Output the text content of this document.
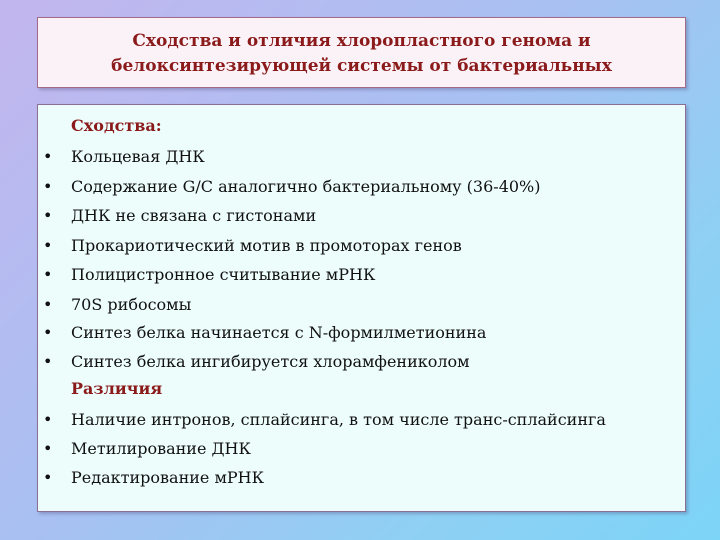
Сходства и отличия хлоропластного генома и белоксинтезирующей системы от бактериальных
Сходства:
• Кольцевая ДНК
• Содержание G/C аналогично бактериальному (36-40%)
• ДНК не связана с гистонами
• Прокариотический мотив в промоторах генов
• Полицистронное считывание мРНК
• 70S рибосомы
• Синтез белка начинается с N-формилметионина
• Синтез белка ингибируется хлорамфениколом
Различия
• Наличие интронов, сплайсинга, в том числе транс-сплайсинга
• Метилирование ДНК
• Редактирование мРНК
